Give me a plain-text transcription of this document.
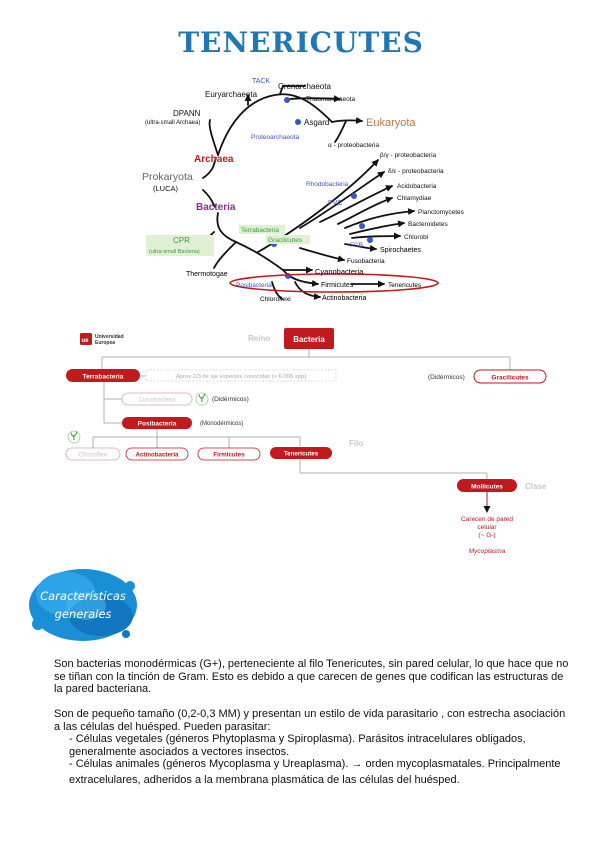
TENERICUTES
TACK
Crenarchaeota
Euryarchaeota
Thaumarchaeota
DPANN
(ultra-small Archaea)
Proteoarchaeota
Asgard	Eukaryota
α - proteobacteria
Archaea	β/γ - proteobacteria
δ/ε - proteobacteria
Prokaryota
(LUCA)	Rhodobacteria	Acidobacteria
Chlamydiae
PVC
Planctomycetes
Bacteria
Bacteroidetes
Chlorobi
Terrabacteria
Gracilicutes
FCB
Spirochaetes
CPR
(ultra-small Bacteria)
Fusobacteria
Thermotogae	Cyanobacteria
Posibacteria	Firmicutes	Tenericutes
Chloroflexi	Actinobacteria
ue
Universidad
Europea	Reino	Bacteria
Terrabacteria	Aprox 2/3 de las especies conocidas (> 6.000 spp)	(Didérmicos)	Gracilicutes
Cianobacteria	(Didérmicos)
Posibacteria	(Monodérmicos)
Filo
Chloroflexi	Actinobacteria	Firmicutes	Tenericutes
Mollicutes	Clase
Carecen de pared
celular
(~ G-)
Mycoplasma
Características
generales
Son bacterias monodérmicas (G+), perteneciente al filo Tenericutes, sin pared celular, lo que hace que no se tiñan con la tinción de Gram. Esto es debido a que carecen de genes que codifican las estructuras de la pared bacteriana.
Son de pequeño tamaño (0,2-0,3 MM) y presentan un estilo de vida parasitario , con estrecha asociación a las células del huésped. Pueden parasitar:
- Células vegetales (géneros Phytoplasma y Spiroplasma). Parásitos intracelulares obligados, generalmente asociados a vectores insectos.
- Células animales (géneros Mycoplasma y Ureaplasma). → orden mycoplasmatales. Principalmente
extracelulares, adheridos a la membrana plasmática de las células del huésped.
